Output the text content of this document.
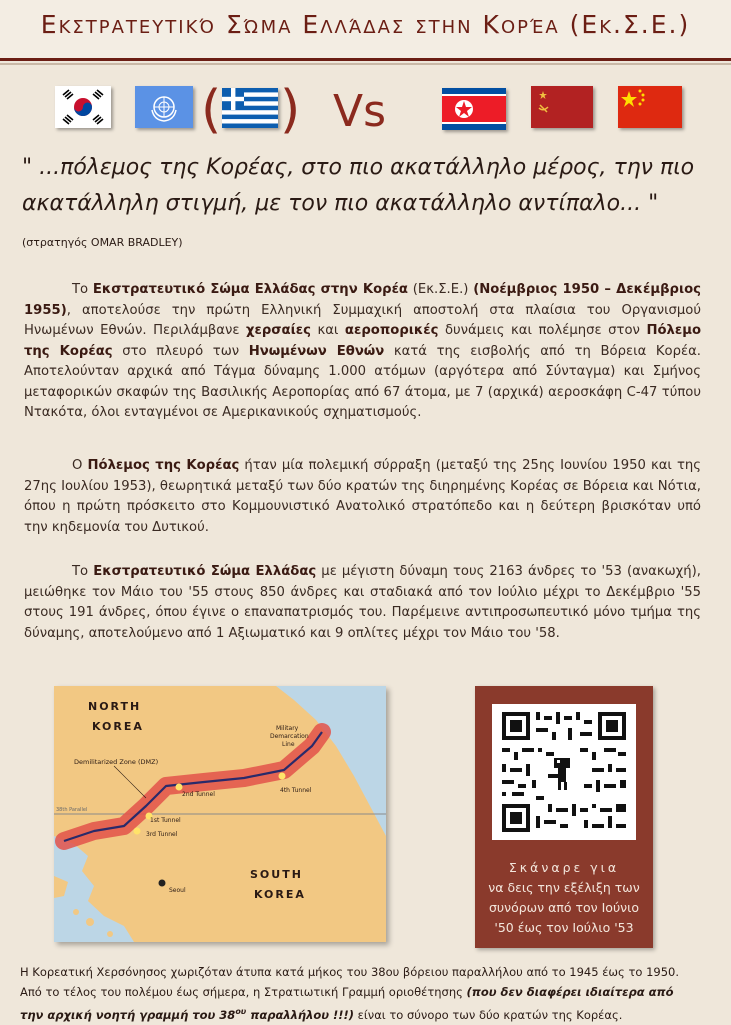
Εκστρατευτικό Σώμα Ελλάδας στην Κορέα (Εκ.Σ.Ε.)
( ) Vs
" ...πόλεμος της Κορέας, στο πιο ακατάλληλο μέρος, την πιο ακατάλληλη στιγμή, με τον πιο ακατάλληλο αντίπαλο... " (στρατηγός OMAR BRADLEY)
Το Εκστρατευτικό Σώμα Ελλάδας στην Κορέα (Εκ.Σ.Ε.) (Νοέμβριος 1950 – Δεκέμβριος 1955), αποτελούσε την πρώτη Ελληνική Συμμαχική αποστολή στα πλαίσια του Οργανισμού Ηνωμένων Εθνών. Περιλάμβανε χερσαίες και αεροπορικές δυνάμεις και πολέμησε στον Πόλεμο της Κορέας στο πλευρό των Ηνωμένων Εθνών κατά της εισβολής από τη Βόρεια Κορέα. Αποτελούνταν αρχικά από Τάγμα δύναμης 1.000 ατόμων (αργότερα από Σύνταγμα) και Σμήνος μεταφορικών σκαφών της Βασιλικής Αεροπορίας από 67 άτομα, με 7 (αρχικά) αεροσκάφη C-47 τύπου Ντακότα, όλοι ενταγμένοι σε Αμερικανικούς σχηματισμούς.
Ο Πόλεμος της Κορέας ήταν μία πολεμική σύρραξη (μεταξύ της 25ης Ιουνίου 1950 και της 27ης Ιουλίου 1953), θεωρητικά μεταξύ των δύο κρατών της διηρημένης Κορέας σε Βόρεια και Νότια, όπου η πρώτη πρόσκειτο στο Κομμουνιστικό Ανατολικό στρατόπεδο και η δεύτερη βρισκόταν υπό την κηδεμονία του Δυτικού.
Το Εκστρατευτικό Σώμα Ελλάδας με μέγιστη δύναμη τους 2163 άνδρες το '53 (ανακωχή), μειώθηκε τον Μάιο του '55 στους 850 άνδρες και σταδιακά από τον Ιούλιο μέχρι το Δεκέμβριο '55 στους 191 άνδρες, όπου έγινε ο επαναπατρισμός του. Παρέμεινε αντιπροσωπευτικό μόνο τμήμα της δύναμης, αποτελούμενο από 1 Αξιωματικό και 9 οπλίτες μέχρι τον Μάιο του '58.
NORTH
KOREA
SOUTH
KOREA
Demilitarized Zone (DMZ)
Military
Demarcation
Line
38th Parallel
1st Tunnel
2nd Tunnel
3rd Tunnel
4th Tunnel
Seoul
Σκάναρε για
να δεις την εξέλιξη των
συνόρων από τον Ιούνιο
'50 έως τον Ιούλιο '53
Η Κορεατική Χερσόνησος χωριζόταν άτυπα κατά μήκος του 38ου βόρειου παραλλήλου από το 1945 έως το 1950.
Από το τέλος του πολέμου έως σήμερα, η Στρατιωτική Γραμμή οριοθέτησης (που δεν διαφέρει ιδιαίτερα από
την αρχική νοητή γραμμή του $38^{o\upsilon}$ παραλλήλου !!!) είναι το σύνορο των δύο κρατών της Κορέας.
